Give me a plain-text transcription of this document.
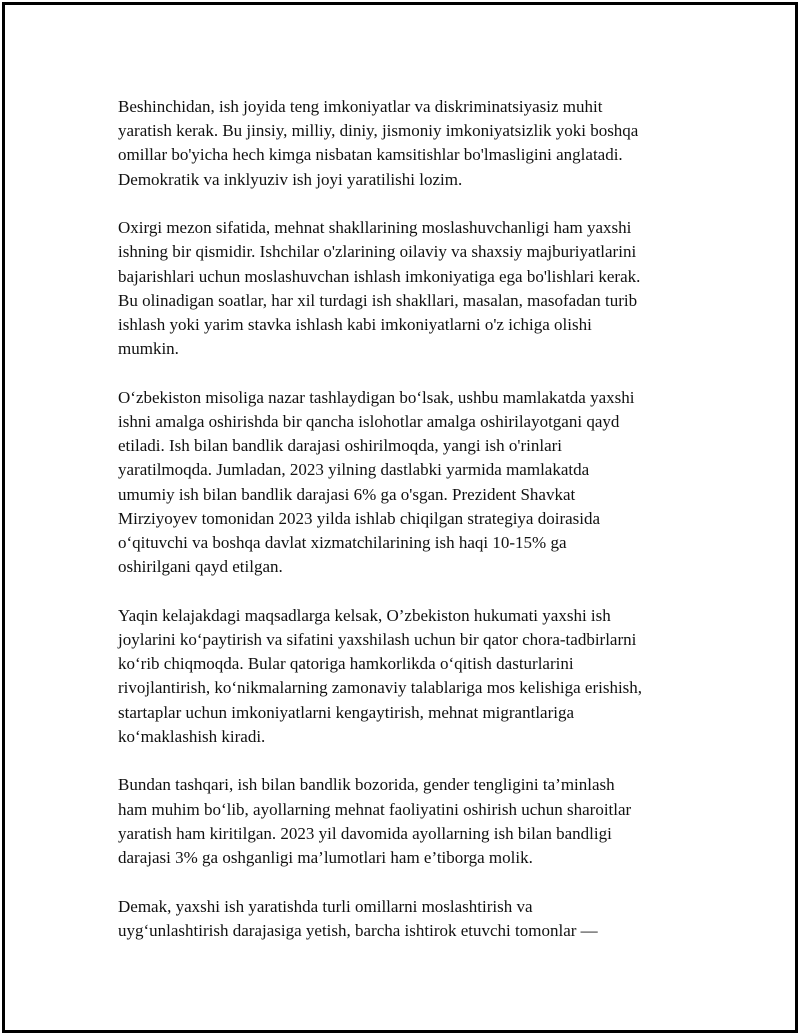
Beshinchidan, ish joyida teng imkoniyatlar va diskriminatsiyasiz muhit
yaratish kerak. Bu jinsiy, milliy, diniy, jismoniy imkoniyatsizlik yoki boshqa
omillar bo'yicha hech kimga nisbatan kamsitishlar bo'lmasligini anglatadi.
Demokratik va inklyuziv ish joyi yaratilishi lozim.

Oxirgi mezon sifatida, mehnat shakllarining moslashuvchanligi ham yaxshi
ishning bir qismidir. Ishchilar o'zlarining oilaviy va shaxsiy majburiyatlarini
bajarishlari uchun moslashuvchan ishlash imkoniyatiga ega bo'lishlari kerak.
Bu olinadigan soatlar, har xil turdagi ish shakllari, masalan, masofadan turib
ishlash yoki yarim stavka ishlash kabi imkoniyatlarni o'z ichiga olishi
mumkin.

O‘zbekiston misoliga nazar tashlaydigan bo‘lsak, ushbu mamlakatda yaxshi
ishni amalga oshirishda bir qancha islohotlar amalga oshirilayotgani qayd
etiladi. Ish bilan bandlik darajasi oshirilmoqda, yangi ish o'rinlari
yaratilmoqda. Jumladan, 2023 yilning dastlabki yarmida mamlakatda
umumiy ish bilan bandlik darajasi 6% ga o'sgan. Prezident Shavkat
Mirziyoyev tomonidan 2023 yilda ishlab chiqilgan strategiya doirasida
o‘qituvchi va boshqa davlat xizmatchilarining ish haqi 10-15% ga
oshirilgani qayd etilgan.

Yaqin kelajakdagi maqsadlarga kelsak, O’zbekiston hukumati yaxshi ish
joylarini ko‘paytirish va sifatini yaxshilash uchun bir qator chora-tadbirlarni
ko‘rib chiqmoqda. Bular qatoriga hamkorlikda o‘qitish dasturlarini
rivojlantirish, ko‘nikmalarning zamonaviy talablariga mos kelishiga erishish,
startaplar uchun imkoniyatlarni kengaytirish, mehnat migrantlariga
ko‘maklashish kiradi.

Bundan tashqari, ish bilan bandlik bozorida, gender tengligini ta’minlash
ham muhim bo‘lib, ayollarning mehnat faoliyatini oshirish uchun sharoitlar
yaratish ham kiritilgan. 2023 yil davomida ayollarning ish bilan bandligi
darajasi 3% ga oshganligi ma’lumotlari ham e’tiborga molik.

Demak, yaxshi ish yaratishda turli omillarni moslashtirish va
uyg‘unlashtirish darajasiga yetish, barcha ishtirok etuvchi tomonlar —
